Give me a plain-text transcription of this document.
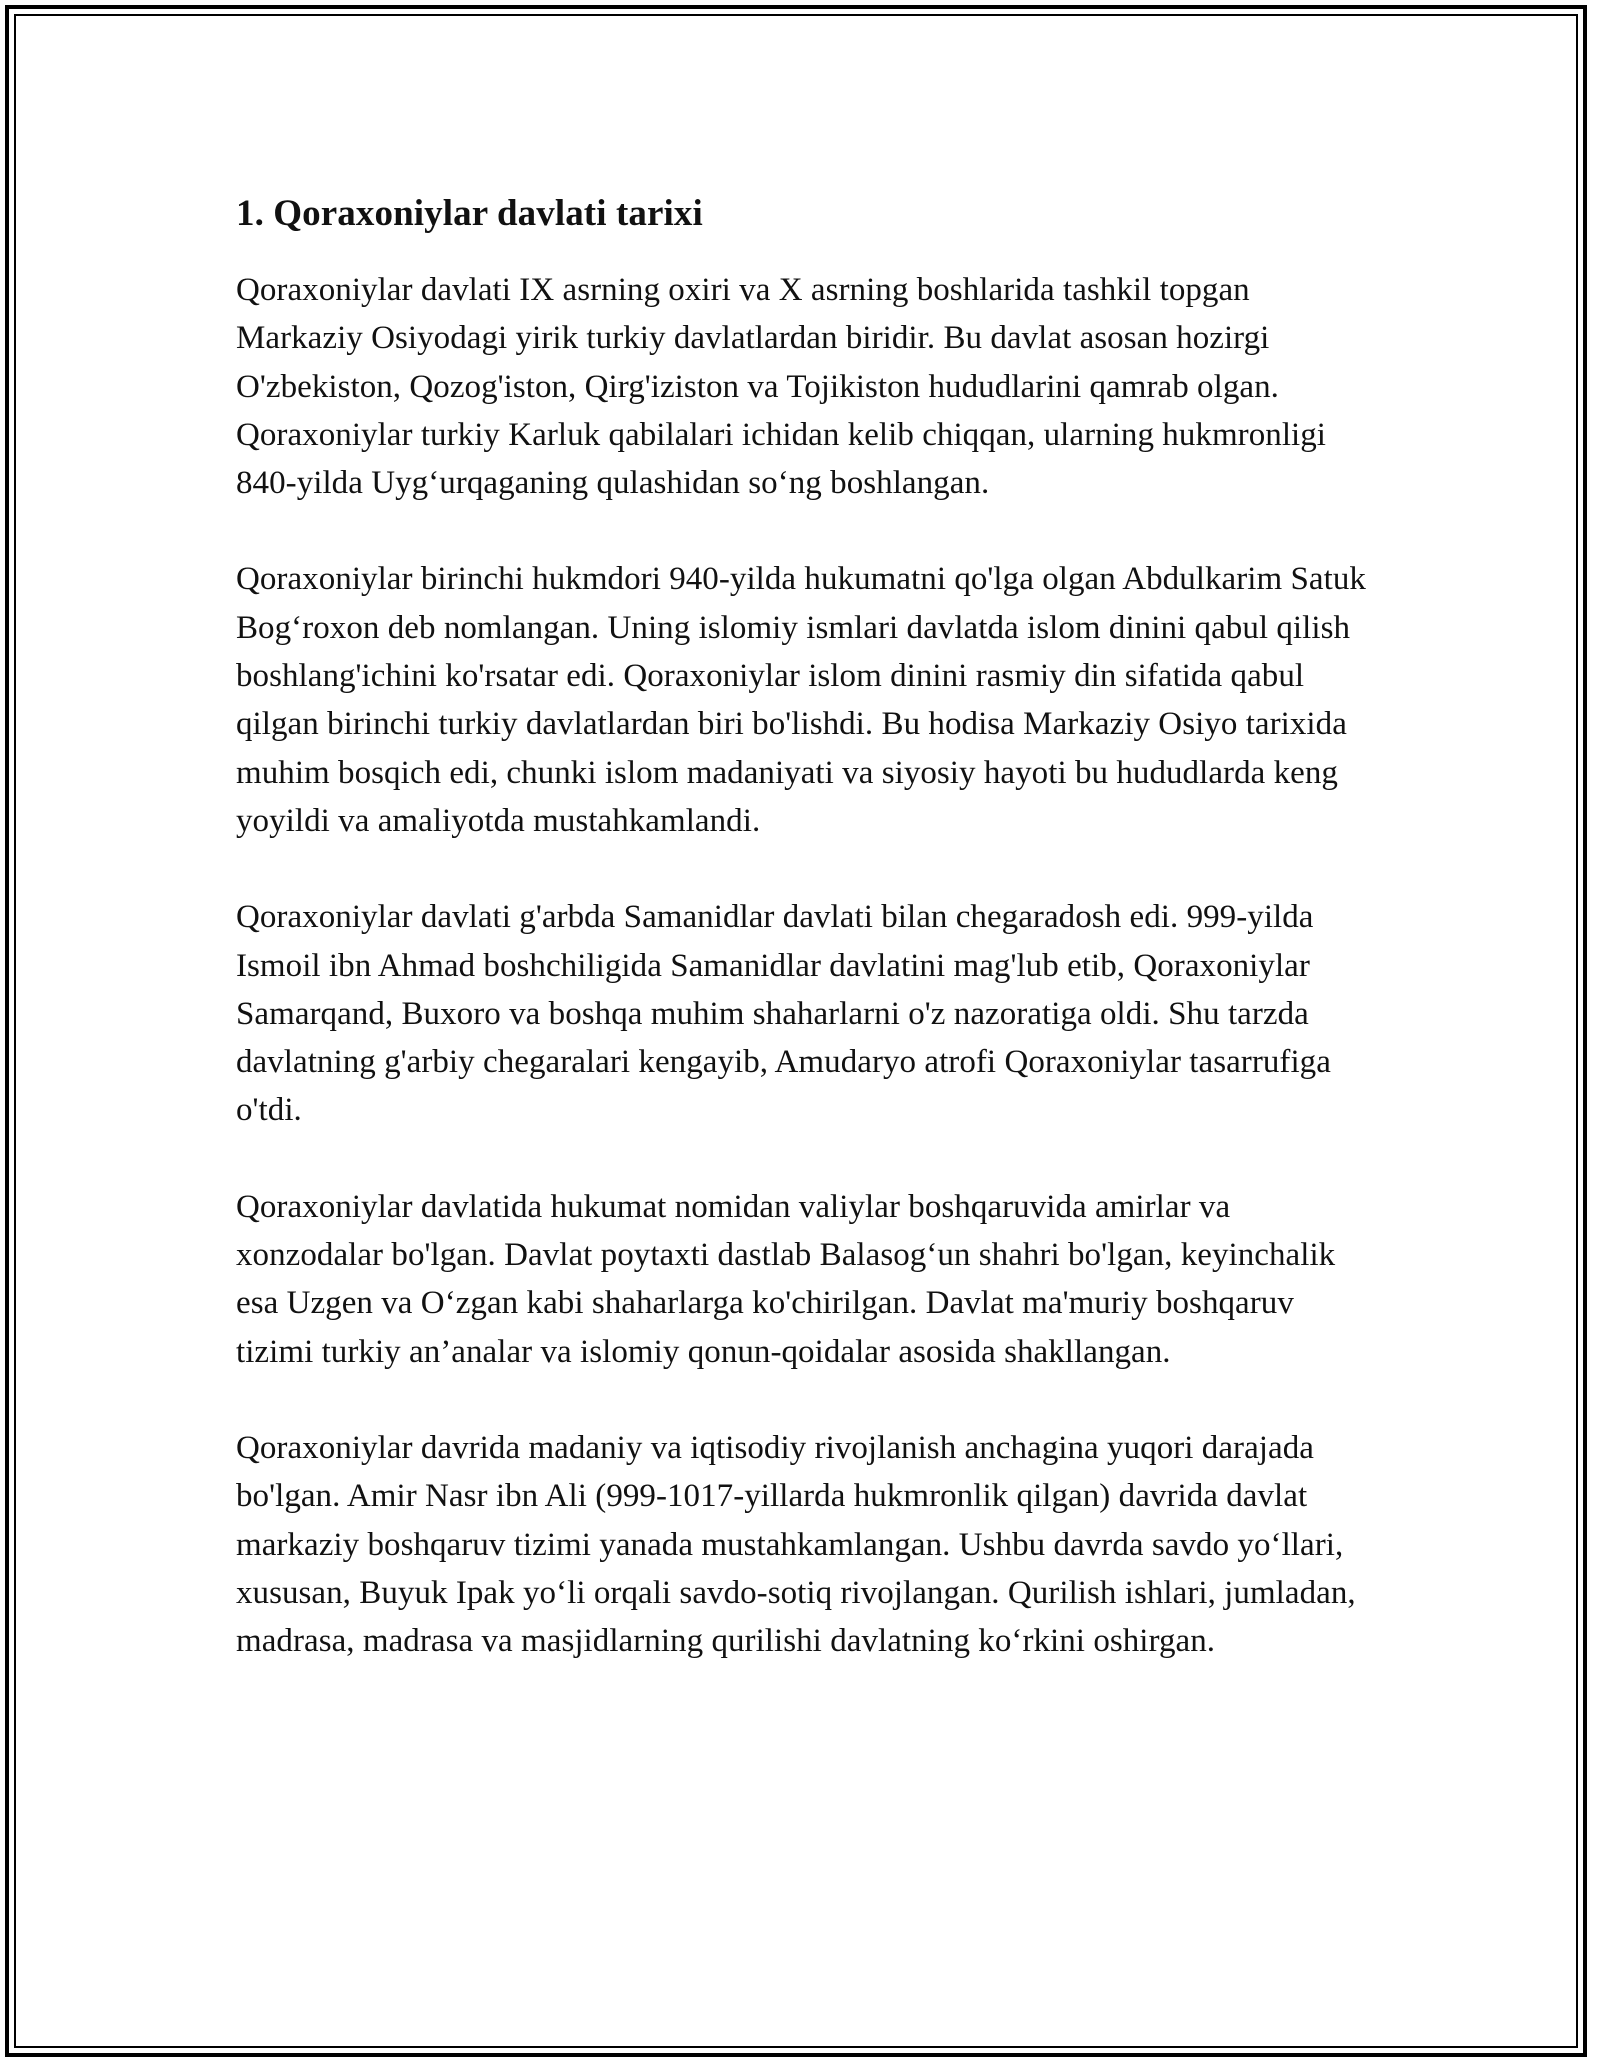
1. Qoraxoniylar davlati tarixi

Qoraxoniylar davlati IX asrning oxiri va X asrning boshlarida tashkil topgan Markaziy Osiyodagi yirik turkiy davlatlardan biridir. Bu davlat asosan hozirgi O'zbekiston, Qozog'iston, Qirg'iziston va Tojikiston hududlarini qamrab olgan. Qoraxoniylar turkiy Karluk qabilalari ichidan kelib chiqqan, ularning hukmronligi 840-yilda Uyg‘urqaganing qulashidan so‘ng boshlangan.

Qoraxoniylar birinchi hukmdori 940-yilda hukumatni qo'lga olgan Abdulkarim Satuk Bog‘roxon deb nomlangan. Uning islomiy ismlari davlatda islom dinini qabul qilish boshlang'ichini ko'rsatar edi. Qoraxoniylar islom dinini rasmiy din sifatida qabul qilgan birinchi turkiy davlatlardan biri bo'lishdi. Bu hodisa Markaziy Osiyo tarixida muhim bosqich edi, chunki islom madaniyati va siyosiy hayoti bu hududlarda keng yoyildi va amaliyotda mustahkamlandi.

Qoraxoniylar davlati g'arbda Samanidlar davlati bilan chegaradosh edi. 999-yilda Ismoil ibn Ahmad boshchiligida Samanidlar davlatini mag'lub etib, Qoraxoniylar Samarqand, Buxoro va boshqa muhim shaharlarni o'z nazoratiga oldi. Shu tarzda davlatning g'arbiy chegaralari kengayib, Amudaryo atrofi Qoraxoniylar tasarrufiga o'tdi.

Qoraxoniylar davlatida hukumat nomidan valiylar boshqaruvida amirlar va xonzodalar bo'lgan. Davlat poytaxti dastlab Balasog‘un shahri bo'lgan, keyinchalik esa Uzgen va O‘zgan kabi shaharlarga ko'chirilgan. Davlat ma'muriy boshqaruv tizimi turkiy an’analar va islomiy qonun-qoidalar asosida shakllangan.

Qoraxoniylar davrida madaniy va iqtisodiy rivojlanish anchagina yuqori darajada bo'lgan. Amir Nasr ibn Ali (999-1017-yillarda hukmronlik qilgan) davrida davlat markaziy boshqaruv tizimi yanada mustahkamlangan. Ushbu davrda savdo yo‘llari, xususan, Buyuk Ipak yo‘li orqali savdo-sotiq rivojlangan. Qurilish ishlari, jumladan, madrasa, madrasa va masjidlarning qurilishi davlatning ko‘rkini oshirgan.
